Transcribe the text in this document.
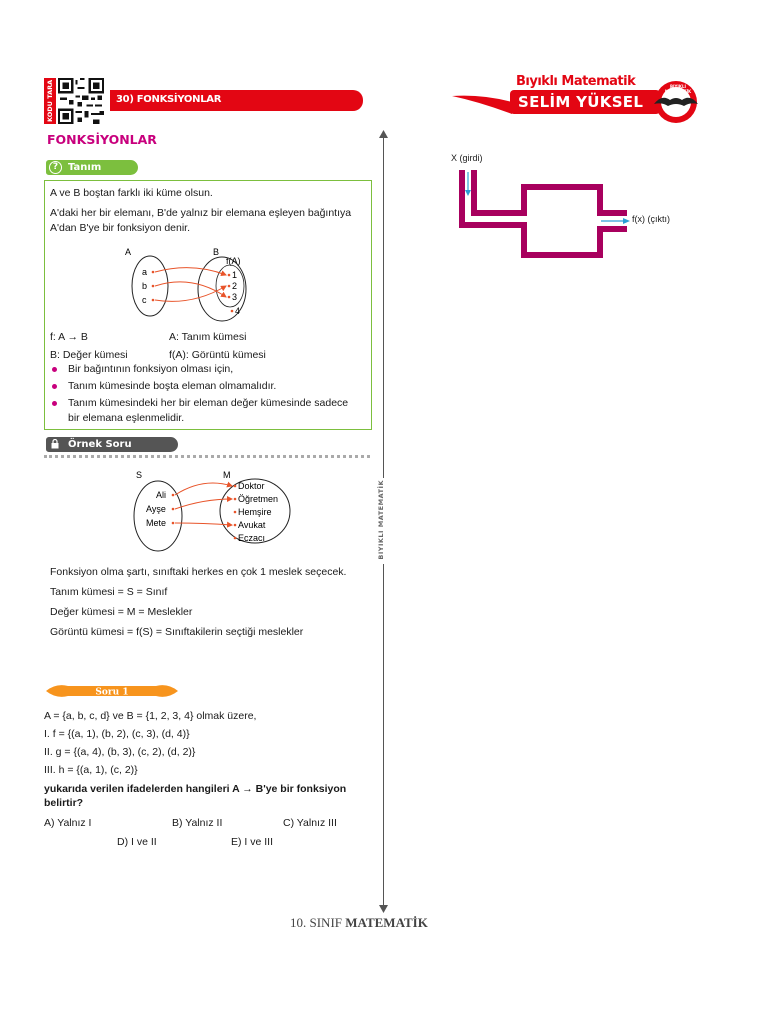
KODU TARA	30) FONKSİYONLAR
Bıyıklı Matematik
SELİM YÜKSEL
BIYIKLI MATEMATİK
FONKSİYONLAR
? Tanım
A ve B boştan farklı iki küme olsun.
A'daki her bir elemanı, B'de yalnız bir elemana eşleyen bağıntıya
A'dan B'ye bir fonksiyon denir.
A	B
f(A)
a
b
c
1
2
3
4
f: A → B	A: Tanım kümesi
B: Değer kümesi	f(A): Görüntü kümesi
Bir bağıntının fonksiyon olması için,
Tanım kümesinde boşta eleman olmamalıdır.
Tanım kümesindeki her bir eleman değer kümesinde sadece
bir elemana eşlenmelidir.
Örnek Soru
S	M
Ali
Ayşe
Mete
Doktor
Öğretmen
Hemşire
Avukat
Eczacı
Fonksiyon olma şartı, sınıftaki herkes en çok 1 meslek seçecek.
Tanım kümesi = S = Sınıf
Değer kümesi = M = Meslekler
Görüntü kümesi = f(S) = Sınıftakilerin seçtiği meslekler
Soru 1
A = {a, b, c, d} ve B = {1, 2, 3, 4} olmak üzere,
I. f = {(a, 1), (b, 2), (c, 3), (d, 4)}
II. g = {(a, 4), (b, 3), (c, 2), (d, 2)}
III. h = {(a, 1), (c, 2)}
yukarıda verilen ifadelerden hangileri A → B'ye bir fonksiyon
belirtir?
A) Yalnız I	B) Yalnız II	C) Yalnız III
D) I ve II	E) I ve III
BIYIKLI MATEMATİK
X (girdi)
f(x) (çıktı)
10. SINIF MATEMATİK
